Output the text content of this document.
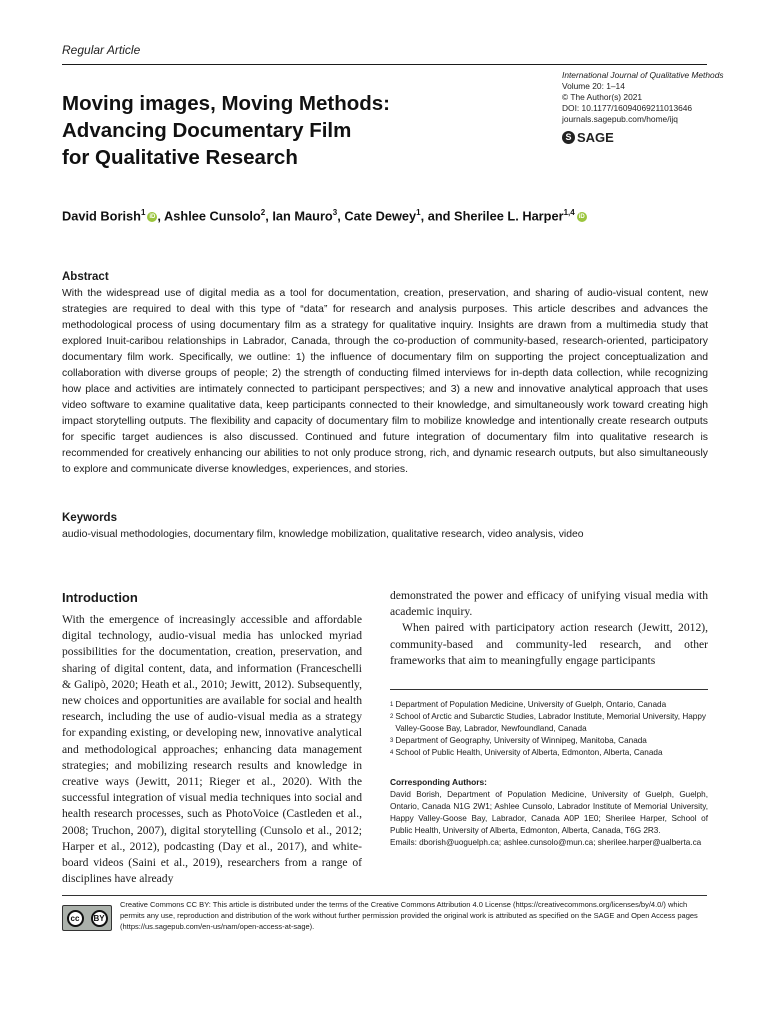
Regular Article
Moving images, Moving Methods:
Advancing Documentary Film
for Qualitative Research
International Journal of Qualitative Methods
Volume 20: 1–14
© The Author(s) 2021
DOI: 10.1177/16094069211013646
journals.sagepub.com/home/ijq
S SAGE
David Borish$^1$ iD , Ashlee Cunsolo$^2$, Ian Mauro$^3$, Cate Dewey$^1$, and Sherilee L. Harper$^{1,4}$ iD
Abstract
With the widespread use of digital media as a tool for documentation, creation, preservation, and sharing of audio-visual content, new strategies are required to deal with this type of “data” for research and analysis purposes. This article describes and advances the methodological process of using documentary film as a strategy for qualitative inquiry. Insights are drawn from a multimedia study that explored Inuit-caribou relationships in Labrador, Canada, through the co-production of community-based, research-oriented, participatory documentary film work. Specifically, we outline: 1) the influence of documentary film on supporting the project conceptualization and collaboration with diverse groups of people; 2) the strength of conducting filmed interviews for in-depth data collection, while recognizing how place and activities are intimately connected to participant perspectives; and 3) a new and innovative analytical approach that uses video software to examine qualitative data, keep participants connected to their knowledge, and simultaneously work toward creating high impact storytelling outputs. The flexibility and capacity of documentary film to mobilize knowledge and intentionally create research outputs for specific target audiences is also discussed. Continued and future integration of documentary film into qualitative research is recommended for creatively enhancing our abilities to not only produce strong, rich, and dynamic research outputs, but also simultaneously to explore and communicate diverse knowledges, experiences, and stories.
Keywords
audio-visual methodologies, documentary film, knowledge mobilization, qualitative research, video analysis, video
Introduction

With the emergence of increasingly accessible and affordable digital technology, audio-visual media has unlocked myriad possibilities for the documentation, creation, preservation, and sharing of digital content, data, and information (Franceschelli & Galipò, 2020; Heath et al., 2010; Jewitt, 2012). Subsequently, new choices and opportunities are available for social and health research, including the use of audio-visual media as a strategy for expanding existing, or developing new, innovative analytical and methodological approaches; enhancing data management strategies; and mobilizing research results and knowledge in creative ways (Jewitt, 2011; Rieger et al., 2020). With the successful integration of visual media techniques into social and health research processes, such as PhotoVoice (Castleden et al., 2008; Truchon, 2007), digital storytelling (Cunsolo et al., 2012; Harper et al., 2012), podcasting (Day et al., 2017), and white-board videos (Saini et al., 2019), researchers from a range of disciplines have already

demonstrated the power and efficacy of unifying visual media with academic inquiry.

When paired with participatory action research (Jewitt, 2012), community-based and community-led research, and other frameworks that aim to meaningfully engage participants

1 Department of Population Medicine, University of Guelph, Ontario, Canada
2 School of Arctic and Subarctic Studies, Labrador Institute, Memorial University, Happy Valley-Goose Bay, Labrador, Newfoundland, Canada
3 Department of Geography, University of Winnipeg, Manitoba, Canada
4 School of Public Health, University of Alberta, Edmonton, Alberta, Canada
Corresponding Authors:
David Borish, Department of Population Medicine, University of Guelph, Guelph, Ontario, Canada N1G 2W1; Ashlee Cunsolo, Labrador Institute of Memorial University, Happy Valley-Goose Bay, Labrador, Canada A0P 1E0; Sherilee Harper, School of Public Health, University of Alberta, Edmonton, Alberta, Canada, T6G 2R3.
Emails: dborish@uoguelph.ca; ashlee.cunsolo@mun.ca; sherilee.harper@ualberta.ca
cc	BY
Creative Commons CC BY: This article is distributed under the terms of the Creative Commons Attribution 4.0 License (https://creativecommons.org/licenses/by/4.0/) which permits any use, reproduction and distribution of the work without further permission provided the original work is attributed as specified on the SAGE and Open Access pages (https://us.sagepub.com/en-us/nam/open-access-at-sage).
